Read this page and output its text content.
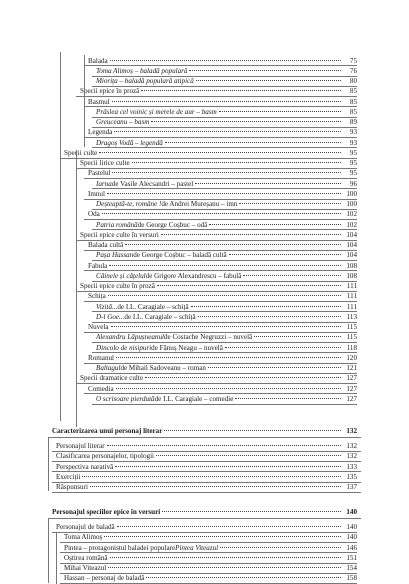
Balada	75
Toma Alimoș – baladă populară	76
Miorița – baladă populară atipică	80
Specii epice în proză	85
Basmul	85
Prâslea cel voinic și merele de aur – basm	85
Greuceanu – basm	89
Legenda	93
Dragoș Vodă – legendă	93
Specii culte	95
Specii lirice culte	95
Pastelul	95
Iarna de Vasile Alecsandri – pastel	96
Imnul	100
Deșteaptă-te, române ! de Andrei Mureșanu – imn	100
Oda	102
Patria română de George Coșbuc – odă	102
Specii epice culte în versuri	104
Balada cultă	104
Pașa Hassan de George Coșbuc – baladă cultă	104
Fabula	108
Câinele și cățelul de Grigore Alexandrescu – fabulă	108
Specii epice culte în proză	111
Schița	111
Vizită... de I.L. Caragiale – schiță	111
D-l Goe... de I.L. Caragiale – schiță	113
Nuvela	115
Alexandru Lăpușneanul de Costache Negruzzi – nuvelă	115
Dincolo de nisipuri de Fănuș Neagu – nuvelă	118
Romanul	120
Baltagul de Mihail Sadoveanu – roman	121
Specii dramatice culte	127
Comedia	127
O scrisoare pierdută de I.L. Caragiale – comedie	127
Caracterizarea unui personaj literar	132
Personajul literar	132
Clasificarea personajelor, tipologii	132
Perspectiva narativă	133
Exerciții	135
Răspunsuri	137
Personajul speciilor epice în versuri	140
Personajul de baladă	140
Toma Alimoș	140
Pintea – protagonistul baladei populare Pintea Viteazul	146
Oștirea română	151
Mihai Viteazul	154
Hassan – personaj de baladă	158
